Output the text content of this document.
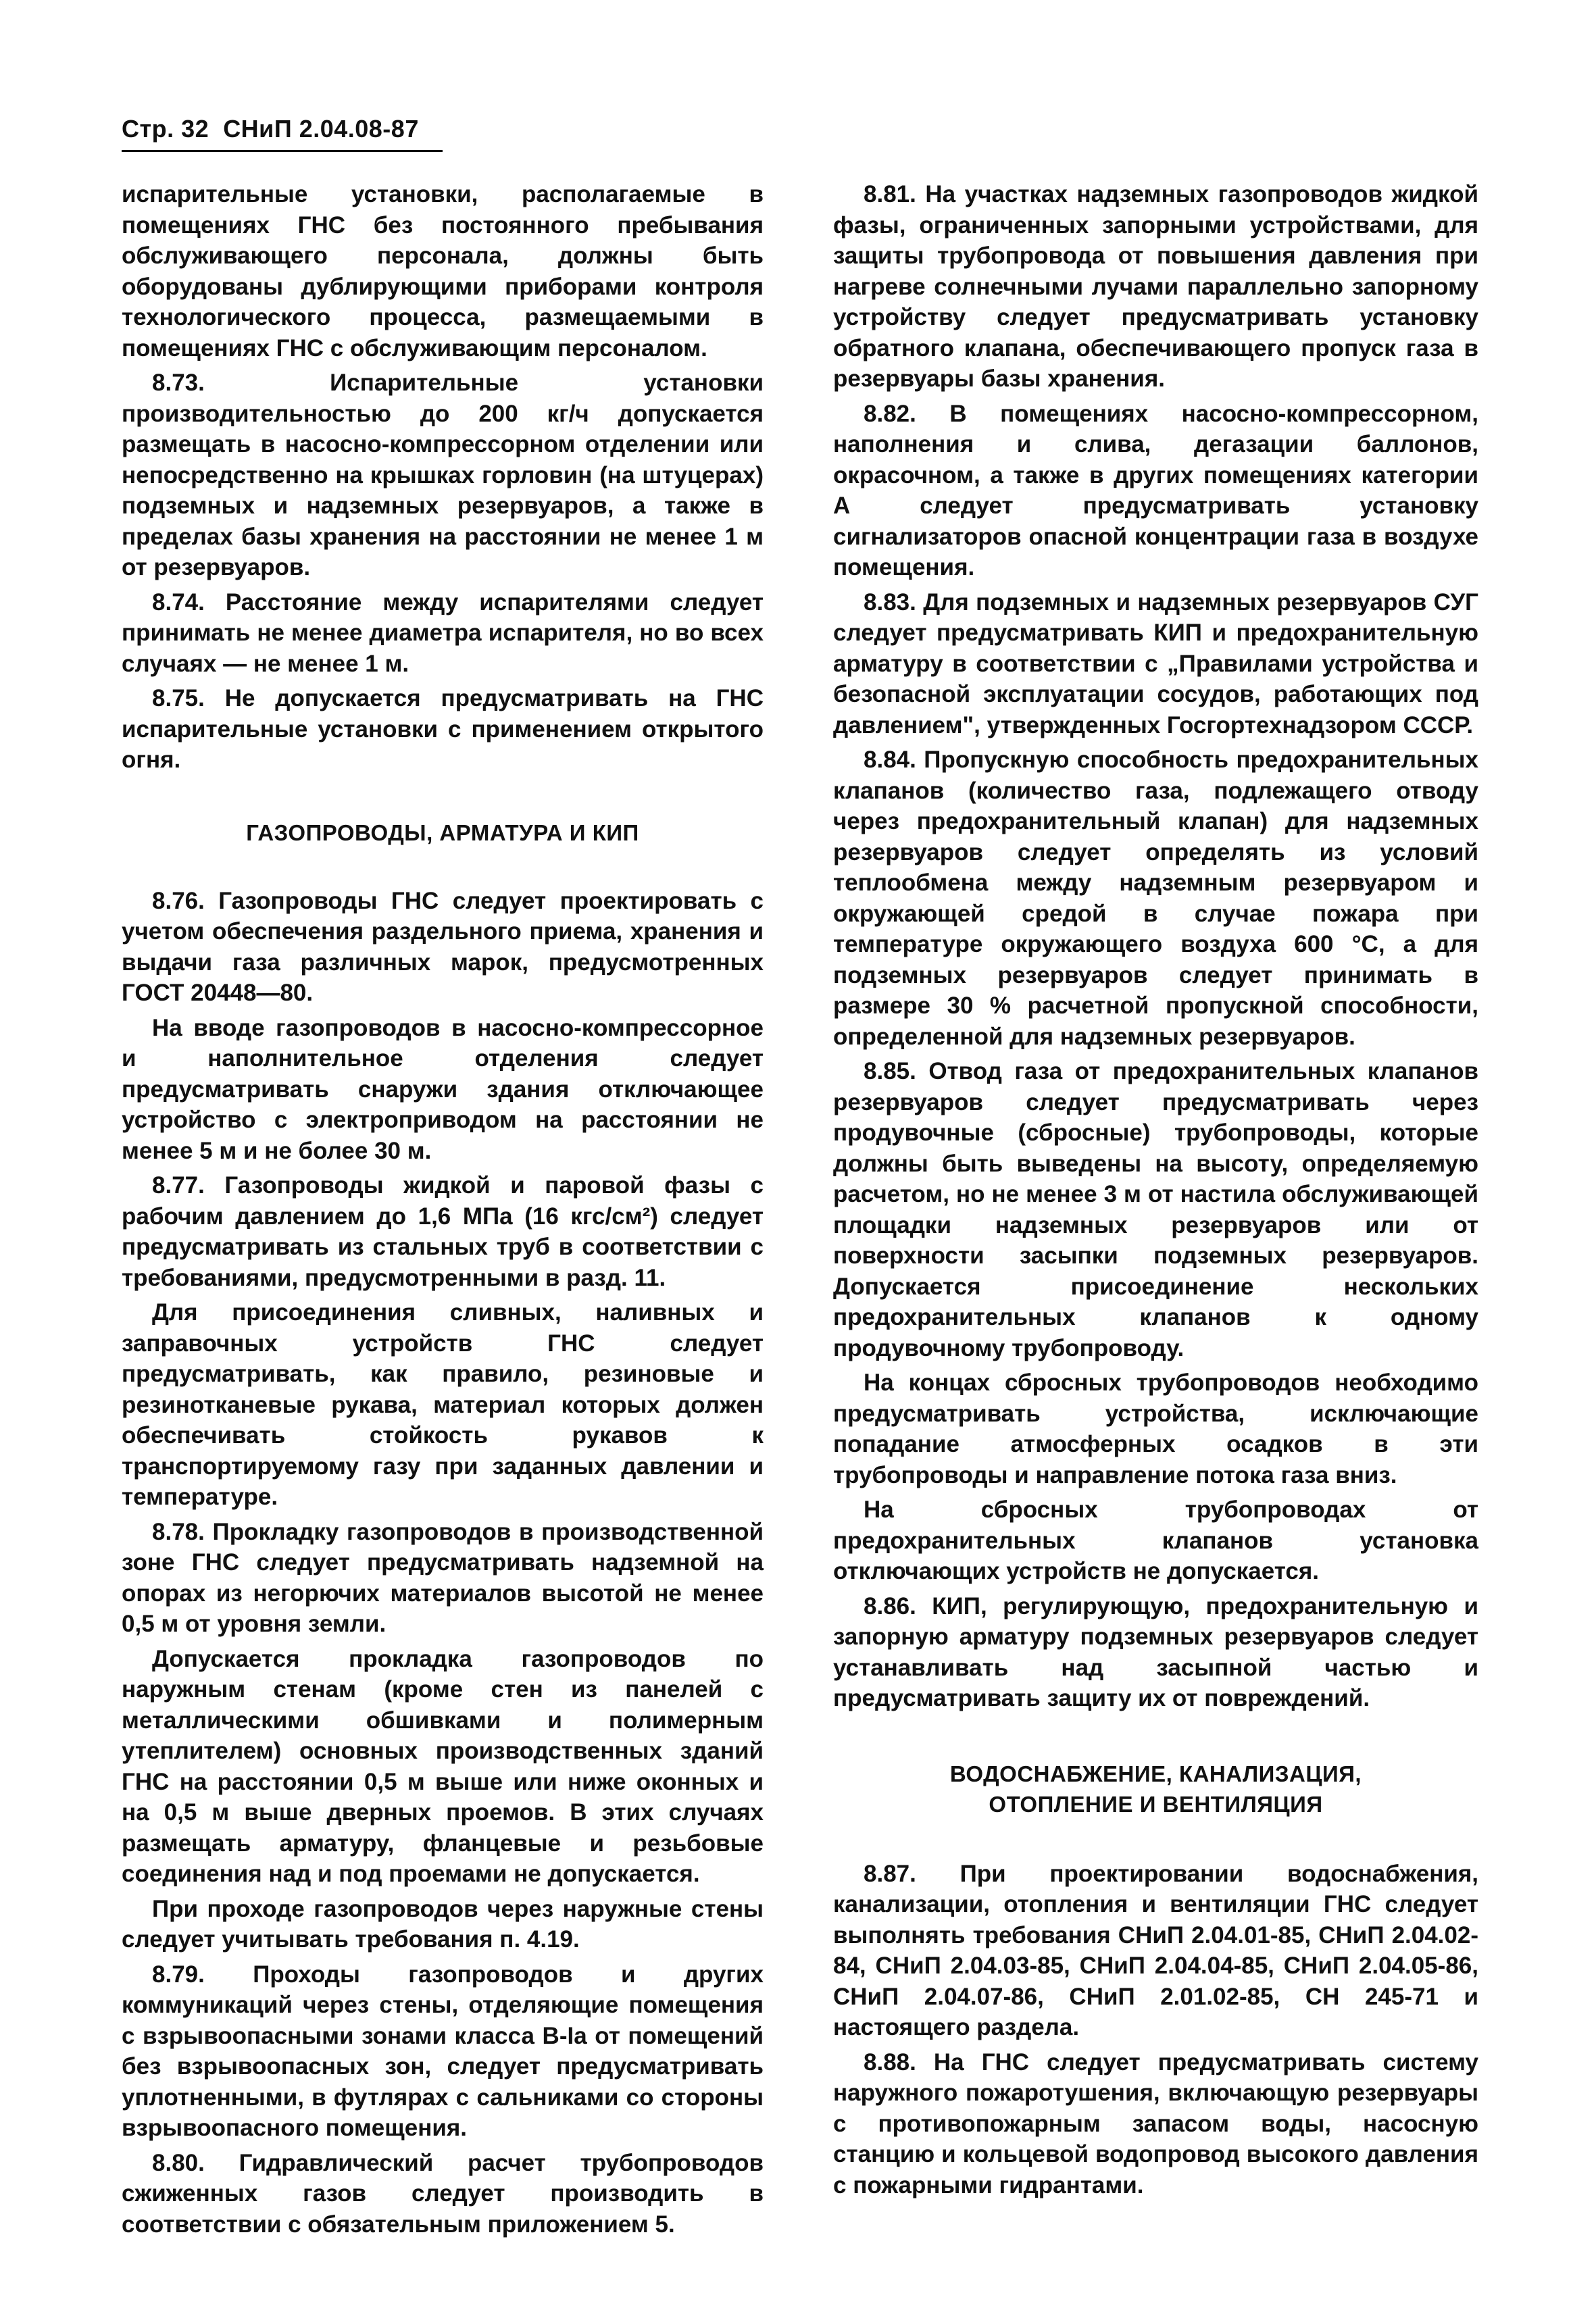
Стр. 32 СНиП 2.04.08-87

испарительные установки, располагаемые в помещениях ГНС без постоянного пребывания обслуживающего персонала, должны быть оборудованы дублирующими приборами контроля технологического процесса, размещаемыми в помещениях ГНС с обслуживающим персоналом.

8.73.	Испарительные установки производительностью до 200 кг/ч допускается размещать в насосно-компрессорном отделении или непосредственно на крышках горловин (на штуцерах) подземных и надземных резервуаров, а также в пределах базы хранения на расстоянии не менее 1 м от резервуаров.

8.74. Расстояние между испарителями следует принимать не менее диаметра испарителя, но во всех случаях — не менее 1 м.

8.75. Не допускается предусматривать на ГНС испарительные установки с применением открытого огня.

ГАЗОПРОВОДЫ, АРМАТУРА И КИП

8.76. Газопроводы ГНС следует проектировать с учетом обеспечения раздельного приема, хранения и выдачи газа различных марок, предусмотренных ГОСТ 20448—80.

На вводе газопроводов в насосно-компрессорное и наполнительное отделения следует предусматривать снаружи здания отключающее устройство с электроприводом на расстоянии не менее 5 м и не более 30 м.

8.77. Газопроводы жидкой и паровой фазы с рабочим давлением до 1,6 МПа (16 кгс/см²) следует предусматривать из стальных труб в соответствии с требованиями, предусмотренными в разд. 11.

Для присоединения сливных, наливных и заправочных устройств ГНС следует предусматривать, как правило, резиновые и резинотканевые рукава, материал которых должен обеспечивать стойкость рукавов к транспортируемому газу при заданных давлении и температуре.

8.78. Прокладку газопроводов в производственной зоне ГНС следует предусматривать надземной на опорах из негорючих материалов высотой не менее 0,5 м от уровня земли.

Допускается прокладка газопроводов по наружным стенам (кроме стен из панелей с металлическими обшивками и полимерным утеплителем) основных производственных зданий ГНС на расстоянии 0,5 м выше или ниже оконных и на 0,5 м выше дверных проемов. В этих случаях размещать арматуру, фланцевые и резьбовые соединения над и под проемами не допускается.

При проходе газопроводов через наружные стены следует учитывать требования п. 4.19.

8.79. Проходы газопроводов и других коммуникаций через стены, отделяющие помещения с взрывоопасными зонами класса В-Iа от помещений без взрывоопасных зон, следует предусматривать уплотненными, в футлярах с сальниками со стороны взрывоопасного помещения.

8.80. Гидравлический расчет трубопроводов сжиженных газов следует производить в соответствии с обязательным приложением 5.

8.81. На участках надземных газопроводов жидкой фазы, ограниченных запорными устройствами, для защиты трубопровода от повышения давления при нагреве солнечными лучами параллельно запорному устройству следует предусматривать установку обратного клапана, обеспечивающего пропуск газа в резервуары базы хранения.

8.82. В помещениях насосно-компрессорном, наполнения и слива, дегазации баллонов, окрасочном, а также в других помещениях категории А следует предусматривать установку сигнализаторов опасной концентрации газа в воздухе помещения.

8.83. Для подземных и надземных резервуаров СУГ следует предусматривать КИП и предохранительную арматуру в соответствии с „Правилами устройства и безопасной эксплуатации сосудов, работающих под давлением", утвержденных Госгортехнадзором СССР.

8.84. Пропускную способность предохранительных клапанов (количество газа, подлежащего отводу через предохранительный клапан) для надземных резервуаров следует определять из условий теплообмена между надземным резервуаром и окружающей средой в случае пожара при температуре окружающего воздуха 600 °С, а для подземных резервуаров следует принимать в размере 30 % расчетной пропускной способности, определенной для надземных резервуаров.

8.85. Отвод газа от предохранительных клапанов резервуаров следует предусматривать через продувочные (сбросные) трубопроводы, которые должны быть выведены на высоту, определяемую расчетом, но не менее 3 м от настила обслуживающей площадки надземных резервуаров или от поверхности засыпки подземных резервуаров. Допускается присоединение нескольких предохранительных клапанов к одному продувочному трубопроводу.

На концах сбросных трубопроводов необходимо предусматривать устройства, исключающие попадание атмосферных осадков в эти трубопроводы и направление потока газа вниз.

На сбросных трубопроводах от предохранительных клапанов установка отключающих устройств не допускается.

8.86. КИП, регулирующую, предохранительную и запорную арматуру подземных резервуаров следует устанавливать над засыпной частью и предусматривать защиту их от повреждений.

ВОДОСНАБЖЕНИЕ, КАНАЛИЗАЦИЯ,
ОТОПЛЕНИЕ И ВЕНТИЛЯЦИЯ

8.87. При проектировании водоснабжения, канализации, отопления и вентиляции ГНС следует выполнять требования СНиП 2.04.01-85, СНиП 2.04.02-84, СНиП 2.04.03-85, СНиП 2.04.04-85, СНиП 2.04.05-86, СНиП 2.04.07-86, СНиП 2.01.02-85, СН 245-71 и настоящего раздела.

8.88. На ГНС следует предусматривать систему наружного пожаротушения, включающую резервуары с противопожарным запасом воды, насосную станцию и кольцевой водопровод высокого давления с пожарными гидрантами.
